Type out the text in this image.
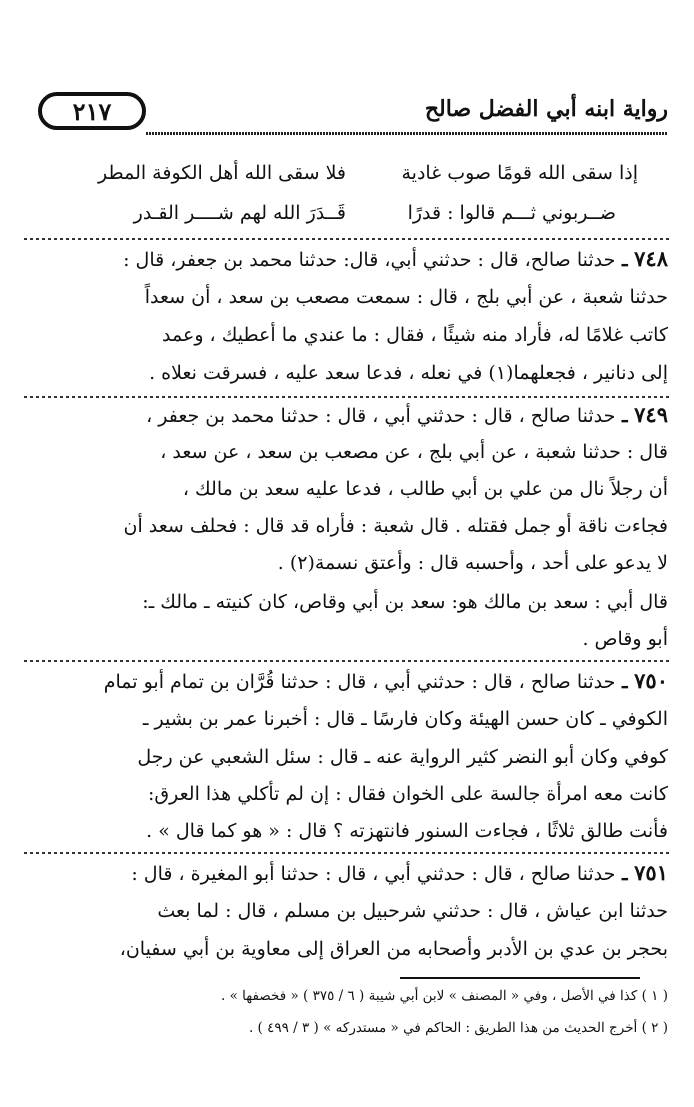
٢١٧	رواية ابنه أبي الفضل صالح
إذا سقى الله قومًا صوب غادية
فلا سقى الله أهل الكوفة المطر
ضــربوني ثـــم قالوا : قدرًا
قَــدَرَ الله لهم شــــر القـدر
٧٤٨ ـ حدثنا صالح، قال : حدثني أبي، قال: حدثنا محمد بن جعفر، قال :
حدثنا شعبة ، عن أبي بلج ، قال : سمعت مصعب بن سعد ، أن سعداً
كاتب غلامًا له، فأراد منه شيئًا ، فقال : ما عندي ما أعطيك ، وعمد
إلى دنانير ، فجعلهما(١) في نعله ، فدعا سعد عليه ، فسرقت نعلاه .
٧٤٩ ـ حدثنا صالح ، قال : حدثني أبي ، قال : حدثنا محمد بن جعفر ،
قال : حدثنا شعبة ، عن أبي بلج ، عن مصعب بن سعد ، عن سعد ،
أن رجلاً نال من علي بن أبي طالب ، فدعا عليه سعد بن مالك ،
فجاءت ناقة أو جمل فقتله . قال شعبة : فأراه قد قال : فحلف سعد أن
لا يدعو على أحد ، وأحسبه قال : وأعتق نسمة(٢) .
قال أبي : سعد بن مالك هو: سعد بن أبي وقاص، كان كنيته ـ مالك ـ:
أبو وقاص .
٧٥٠ ـ حدثنا صالح ، قال : حدثني أبي ، قال : حدثنا قُرَّان بن تمام أبو تمام
الكوفي ـ كان حسن الهيئة وكان فارسًا ـ قال : أخبرنا عمر بن بشير ـ
كوفي وكان أبو النضر كثير الرواية عنه ـ قال : سئل الشعبي عن رجل
كانت معه امرأة جالسة على الخوان فقال : إن لم تأكلي هذا العرق:
فأنت طالق ثلاثًا ، فجاءت السنور فانتهزته ؟ قال : « هو كما قال » .
٧٥١ ـ حدثنا صالح ، قال : حدثني أبي ، قال : حدثنا أبو المغيرة ، قال :
حدثنا ابن عياش ، قال : حدثني شرحبيل بن مسلم ، قال : لما بعث
بحجر بن عدي بن الأدبر وأصحابه من العراق إلى معاوية بن أبي سفيان،
( ١ ) كذا في الأصل ، وفي « المصنف » لابن أبي شيبة ( ٦ / ٣٧٥ ) « فخصفها » .
( ٢ ) أخرج الحديث من هذا الطريق : الحاكم في « مستدركه » ( ٣ / ٤٩٩ ) .
